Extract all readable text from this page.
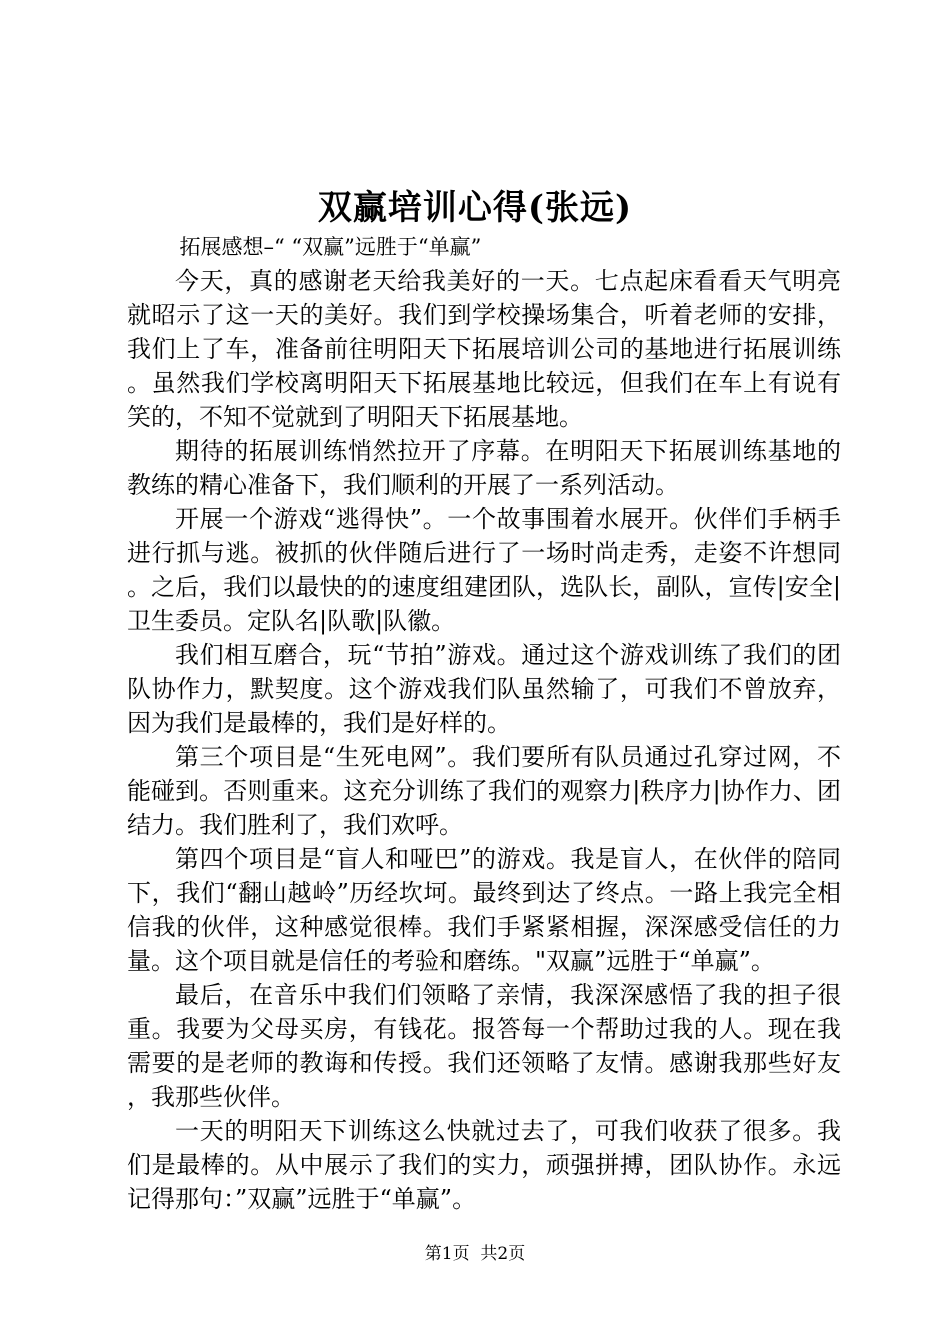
双赢培训心得(张远)

拓展感想–“ “双赢”远胜于“单赢”

今天，真的感谢老天给我美好的一天。七点起床看看天气明亮就昭示了这一天的美好。我们到学校操场集合，听着老师的安排，我们上了车，准备前往明阳天下拓展培训公司的基地进行拓展训练。虽然我们学校离明阳天下拓展基地比较远，但我们在车上有说有笑的，不知不觉就到了明阳天下拓展基地。

期待的拓展训练悄然拉开了序幕。在明阳天下拓展训练基地的教练的精心准备下，我们顺利的开展了一系列活动。

开展一个游戏“逃得快”。一个故事围着水展开。伙伴们手柄手进行抓与逃。被抓的伙伴随后进行了一场时尚走秀，走姿不许想同。之后，我们以最快的的速度组建团队，选队长，副队，宣传|安全|卫生委员。定队名|队歌|队徽。

我们相互磨合，玩“节拍”游戏。通过这个游戏训练了我们的团队协作力，默契度。这个游戏我们队虽然输了，可我们不曾放弃，因为我们是最棒的，我们是好样的。

第三个项目是“生死电网”。我们要所有队员通过孔穿过网，不能碰到。否则重来。这充分训练了我们的观察力|秩序力|协作力、团结力。我们胜利了，我们欢呼。

第四个项目是“盲人和哑巴”的游戏。我是盲人，在伙伴的陪同下，我们“翻山越岭”历经坎坷。最终到达了终点。一路上我完全相信我的伙伴，这种感觉很棒。我们手紧紧相握，深深感受信任的力量。这个项目就是信任的考验和磨练。"双赢”远胜于“单赢”。

最后，在音乐中我们们领略了亲情，我深深感悟了我的担子很重。我要为父母买房，有钱花。报答每一个帮助过我的人。现在我需要的是老师的教诲和传授。我们还领略了友情。感谢我那些好友，我那些伙伴。

一天的明阳天下训练这么快就过去了，可我们收获了很多。我们是最棒的。从中展示了我们的实力，顽强拼搏，团队协作。永远记得那句：”双赢”远胜于“单赢”。

第1页 共2页
